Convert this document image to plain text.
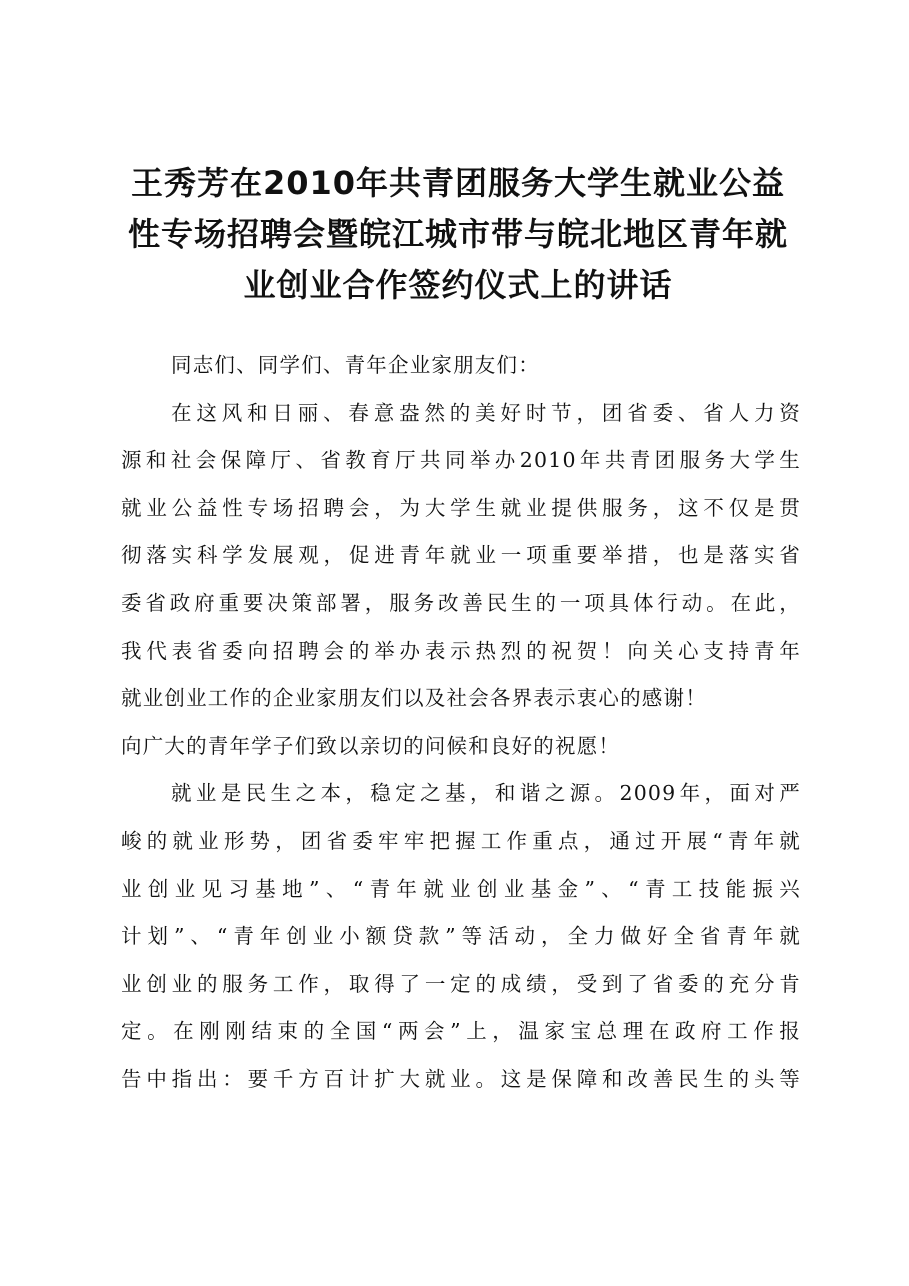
王秀芳在2010年共青团服务大学生就业公益
性专场招聘会暨皖江城市带与皖北地区青年就
业创业合作签约仪式上的讲话
同志们、同学们、青年企业家朋友们：
在这风和日丽、春意盎然的美好时节，团省委、省人力资
源和社会保障厅、省教育厅共同举办2010年共青团服务大学生
就业公益性专场招聘会，为大学生就业提供服务，这不仅是贯
彻落实科学发展观，促进青年就业一项重要举措，也是落实省
委省政府重要决策部署，服务改善民生的一项具体行动。在此，
我代表省委向招聘会的举办表示热烈的祝贺！向关心支持青年
就业创业工作的企业家朋友们以及社会各界表示衷心的感谢！
向广大的青年学子们致以亲切的问候和良好的祝愿！
就业是民生之本，稳定之基，和谐之源。2009年，面对严
峻的就业形势，团省委牢牢把握工作重点，通过开展“青年就
业创业见习基地”、“青年就业创业基金”、“青工技能振兴
计划”、“青年创业小额贷款”等活动，全力做好全省青年就
业创业的服务工作，取得了一定的成绩，受到了省委的充分肯
定。在刚刚结束的全国“两会”上，温家宝总理在政府工作报
告中指出：要千方百计扩大就业。这是保障和改善民生的头等
